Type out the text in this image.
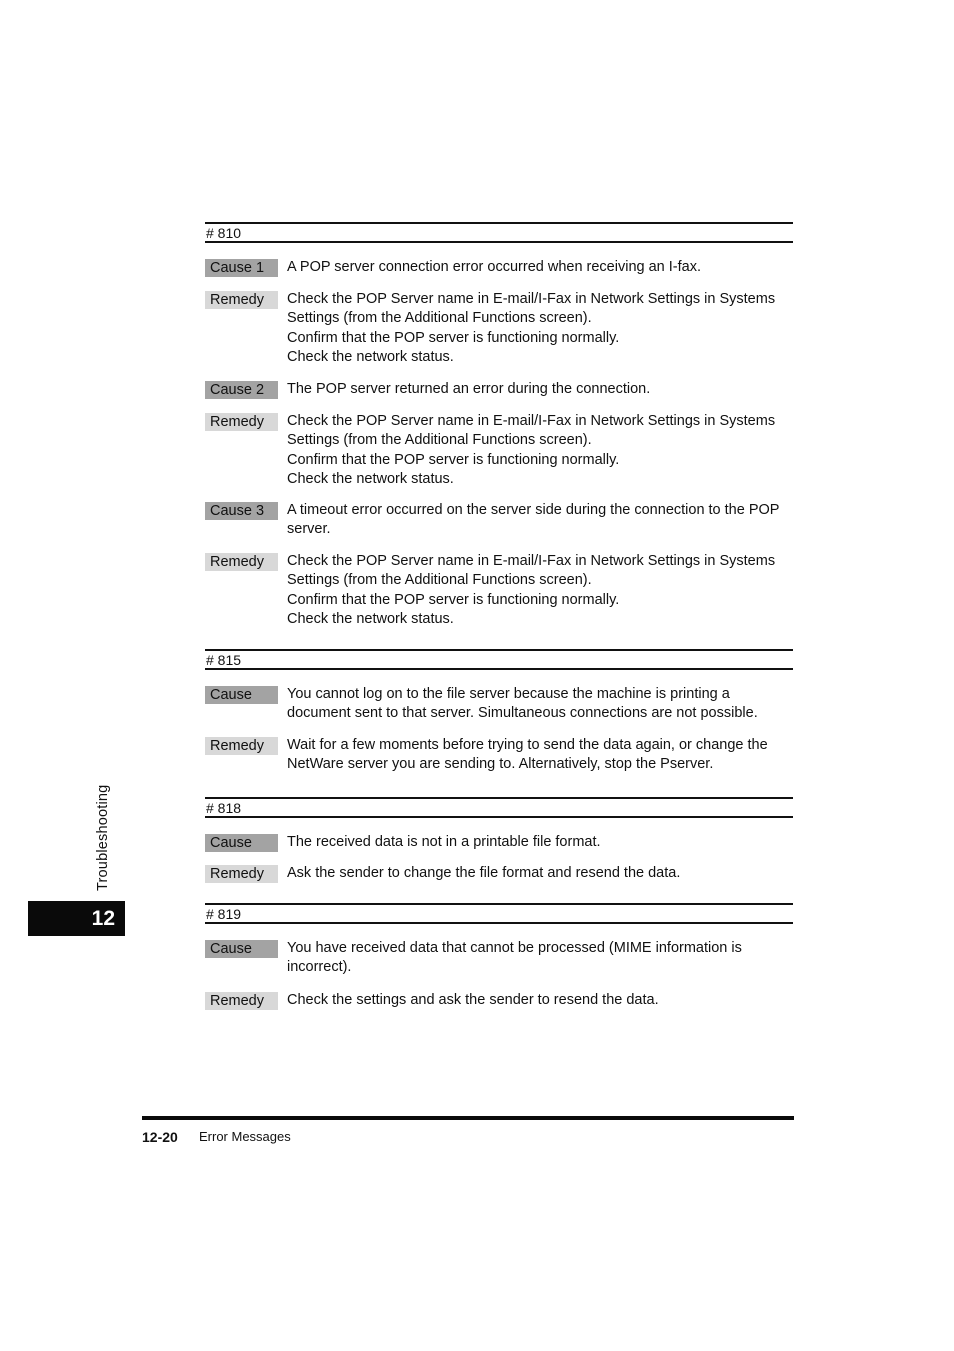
# 810
Cause 1	A POP server connection error occurred when receiving an I-fax.
Remedy	Check the POP Server name in E-mail/I-Fax in Network Settings in Systems Settings (from the Additional Functions screen).
Confirm that the POP server is functioning normally.
Check the network status.
Cause 2	The POP server returned an error during the connection.
Remedy	Check the POP Server name in E-mail/I-Fax in Network Settings in Systems Settings (from the Additional Functions screen).
Confirm that the POP server is functioning normally.
Check the network status.
Cause 3	A timeout error occurred on the server side during the connection to the POP server.
Remedy	Check the POP Server name in E-mail/I-Fax in Network Settings in Systems Settings (from the Additional Functions screen).
Confirm that the POP server is functioning normally.
Check the network status.
# 815
Cause	You cannot log on to the file server because the machine is printing a document sent to that server. Simultaneous connections are not possible.
Remedy	Wait for a few moments before trying to send the data again, or change the NetWare server you are sending to. Alternatively, stop the Pserver.
# 818
Cause	The received data is not in a printable file format.
Remedy	Ask the sender to change the file format and resend the data.
# 819
Cause	You have received data that cannot be processed (MIME information is incorrect).
Remedy	Check the settings and ask the sender to resend the data.
Troubleshooting
12
12-20 Error Messages
